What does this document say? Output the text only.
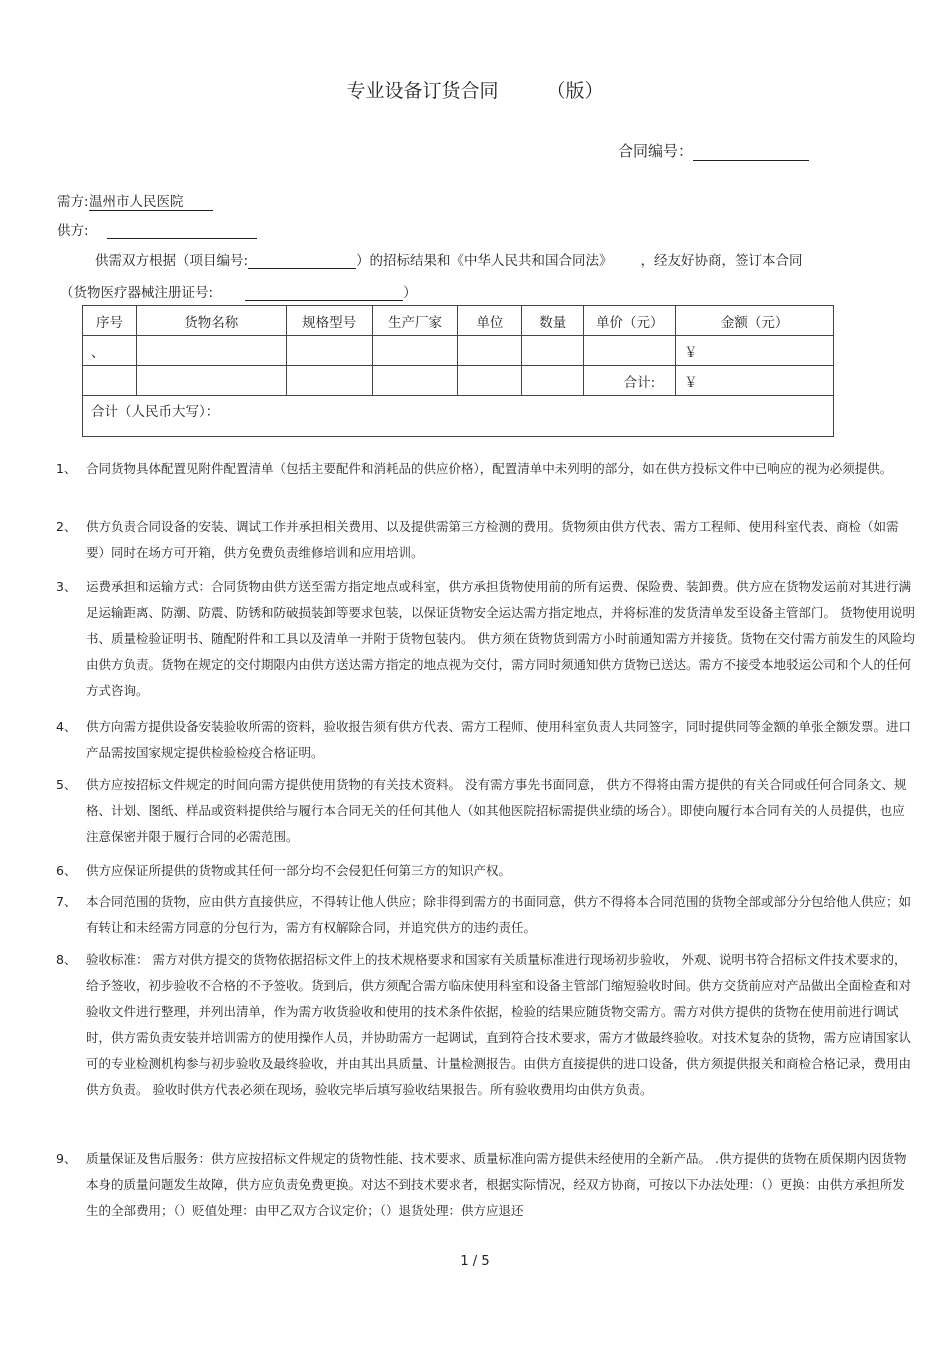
专业设备订货合同	（版）
合同编号：
需方:温州市人民医院
供方:
供需双方根据（项目编号:	）的招标结果和《中华人民共和国合同法》 ，经友好协商，签订本合同
（货物医疗器械注册证号:	）
序号	货物名称	规格型号	生产厂家	单位	数量	单价（元）	金额（元）
、							￥
						合计:	￥
合计（人民币大写）：							
1、 合同货物具体配置见附件配置清单（包括主要配件和消耗品的供应价格），配置清单中未列明的部分，如在供方投标文件中已响应的视为必须提供。
2、 供方负责合同设备的安装、调试工作并承担相关费用、以及提供需第三方检测的费用。货物须由供方代表、需方工程师、使用科室代表、商检（如需要）同时在场方可开箱，供方免费负责维修培训和应用培训。
3、 运费承担和运输方式：合同货物由供方送至需方指定地点或科室，供方承担货物使用前的所有运费、保险费、装卸费。供方应在货物发运前对其进行满足运输距离、防潮、防震、防锈和防破损装卸等要求包装，以保证货物安全运达需方指定地点，并将标准的发货清单发至设备主管部门。 货物使用说明书、质量检验证明书、随配附件和工具以及清单一并附于货物包装内。 供方须在货物货到需方小时前通知需方并接货。货物在交付需方前发生的风险均由供方负责。货物在规定的交付期限内由供方送达需方指定的地点视为交付，需方同时须通知供方货物已送达。需方不接受本地驳运公司和个人的任何方式咨询。
4、 供方向需方提供设备安装验收所需的资料，验收报告须有供方代表、需方工程师、使用科室负责人共同签字，同时提供同等金额的单张全额发票。进口产品需按国家规定提供检验检疫合格证明。
5、 供方应按招标文件规定的时间向需方提供使用货物的有关技术资料。 没有需方事先书面同意， 供方不得将由需方提供的有关合同或任何合同条文、规格、计划、图纸、样品或资料提供给与履行本合同无关的任何其他人（如其他医院招标需提供业绩的场合）。即使向履行本合同有关的人员提供，也应注意保密并限于履行合同的必需范围。
6、 供方应保证所提供的货物或其任何一部分均不会侵犯任何第三方的知识产权。
7、 本合同范围的货物，应由供方直接供应，不得转让他人供应；除非得到需方的书面同意，供方不得将本合同范围的货物全部或部分分包给他人供应；如有转让和未经需方同意的分包行为，需方有权解除合同，并追究供方的违约责任。
8、 验收标准： 需方对供方提交的货物依据招标文件上的技术规格要求和国家有关质量标准进行现场初步验收， 外观、说明书符合招标文件技术要求的，给予签收，初步验收不合格的不予签收。货到后，供方须配合需方临床使用科室和设备主管部门缩短验收时间。供方交货前应对产品做出全面检查和对验收文件进行整理，并列出清单，作为需方收货验收和使用的技术条件依据，检验的结果应随货物交需方。需方对供方提供的货物在使用前进行调试时，供方需负责安装并培训需方的使用操作人员，并协助需方一起调试，直到符合技术要求，需方才做最终验收。对技术复杂的货物，需方应请国家认可的专业检测机构参与初步验收及最终验收，并由其出具质量、计量检测报告。由供方直接提供的进口设备，供方须提供报关和商检合格记录，费用由供方负责。 验收时供方代表必须在现场，验收完毕后填写验收结果报告。所有验收费用均由供方负责。
9、 质量保证及售后服务：供方应按招标文件规定的货物性能、技术要求、质量标准向需方提供未经使用的全新产品。 .供方提供的货物在质保期内因货物本身的质量问题发生故障，供方应负责免费更换。对达不到技术要求者，根据实际情况，经双方协商，可按以下办法处理：（）更换：由供方承担所发生的全部费用；（）贬值处理：由甲乙双方合议定价；（）退货处理：供方应退还
1 / 5
